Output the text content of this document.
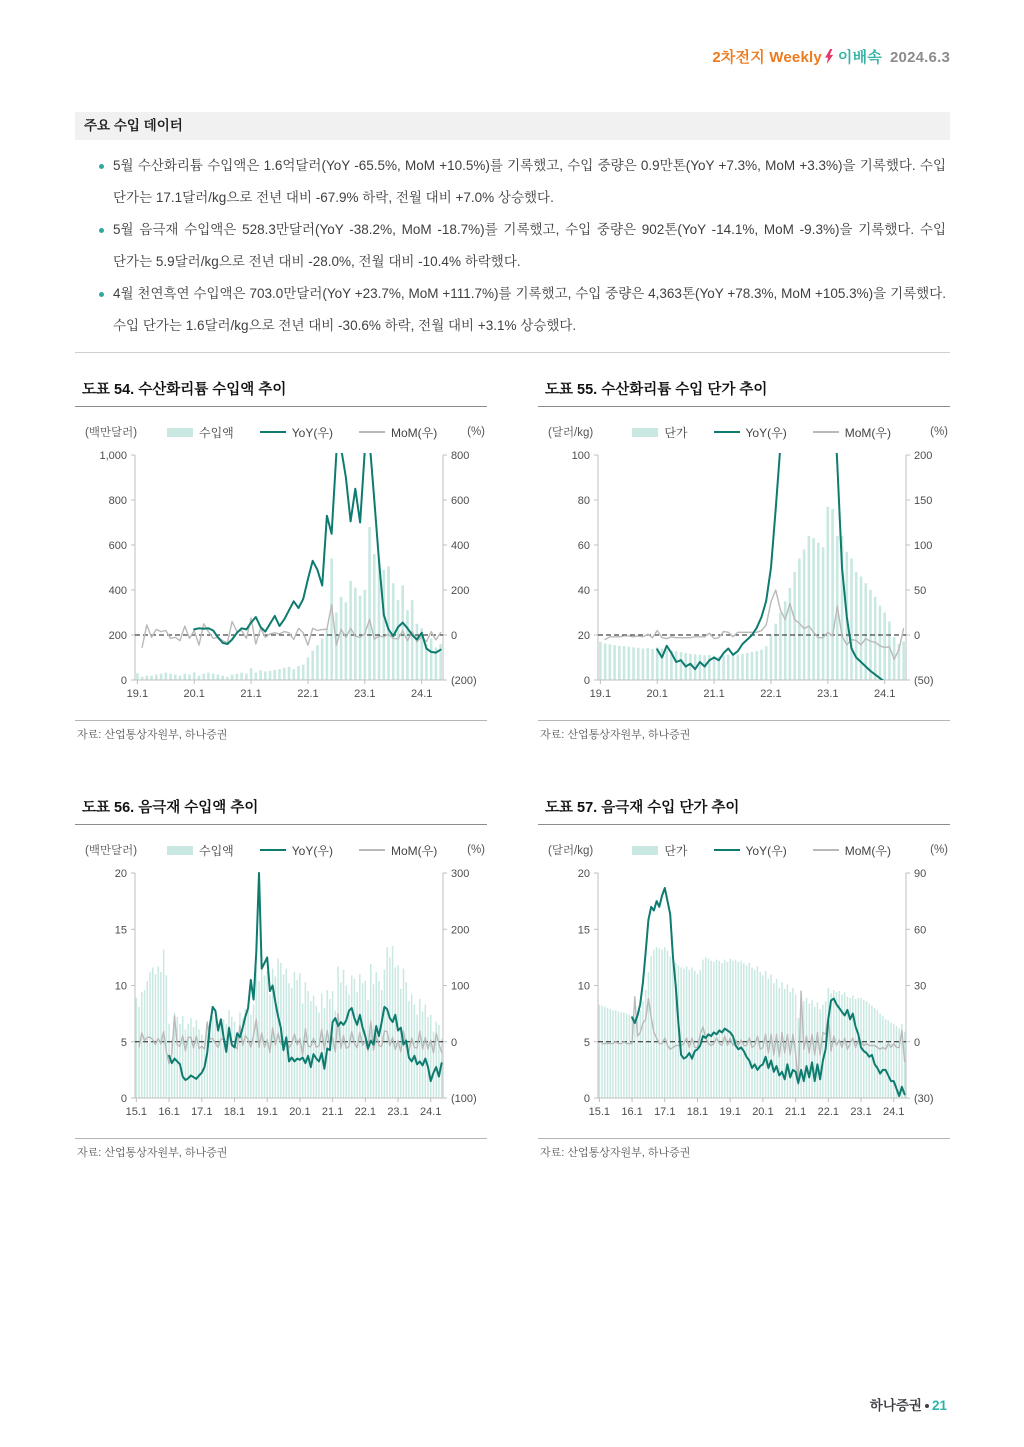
2차전지 Weekly 이배속 2024.6.3
주요 수입 데이터
5월 수산화리튬 수입액은 1.6억달러(YoY -65.5%, MoM +10.5%)를 기록했고, 수입 중량은 0.9만톤(YoY +7.3%, MoM +3.3%)을 기록했다. 수입 단가는 17.1달러/kg으로 전년 대비 -67.9% 하락, 전월 대비 +7.0% 상승했다.
5월 음극재 수입액은 528.3만달러(YoY -38.2%, MoM -18.7%)를 기록했고, 수입 중량은 902톤(YoY -14.1%, MoM -9.3%)을 기록했다. 수입 단가는 5.9달러/kg으로 전년 대비 -28.0%, 전월 대비 -10.4% 하락했다.
4월 천연흑연 수입액은 703.0만달러(YoY +23.7%, MoM +111.7%)를 기록했고, 수입 중량은 4,363톤(YoY +78.3%, MoM +105.3%)을 기록했다. 수입 단가는 1.6달러/kg으로 전년 대비 -30.6% 하락, 전월 대비 +3.1% 상승했다.
도표 54. 수산화리튬 수입액 추이
(백만달러)	수입액	YoY(우)	MoM(우)	(%)
1,000
800
600
400
200
0
800
600
400
200
0
(200)
19.1	20.1	21.1	22.1	23.1	24.1
자료: 산업통상자원부, 하나증권
도표 55. 수산화리튬 수입 단가 추이
(달러/kg)	단가	YoY(우)	MoM(우)	(%)
100
80
60
40
20
0
200
150
100
50
0
(50)
19.1	20.1	21.1	22.1	23.1	24.1
자료: 산업통상자원부, 하나증권
도표 56. 음극재 수입액 추이
(백만달러)	수입액	YoY(우)	MoM(우)	(%)
20
15
10
5
0
300
200
100
0
(100)
15.1 16.1 17.1 18.1 19.1 20.1 21.1 22.1 23.1 24.1
자료: 산업통상자원부, 하나증권
도표 57. 음극재 수입 단가 추이
(달러/kg)	단가	YoY(우)	MoM(우)	(%)
20
15
10
5
0
90
60
30
0
(30)
15.1 16.1 17.1 18.1 19.1 20.1 21.1 22.1 23.1 24.1
자료: 산업통상자원부, 하나증권
하나증권 21
